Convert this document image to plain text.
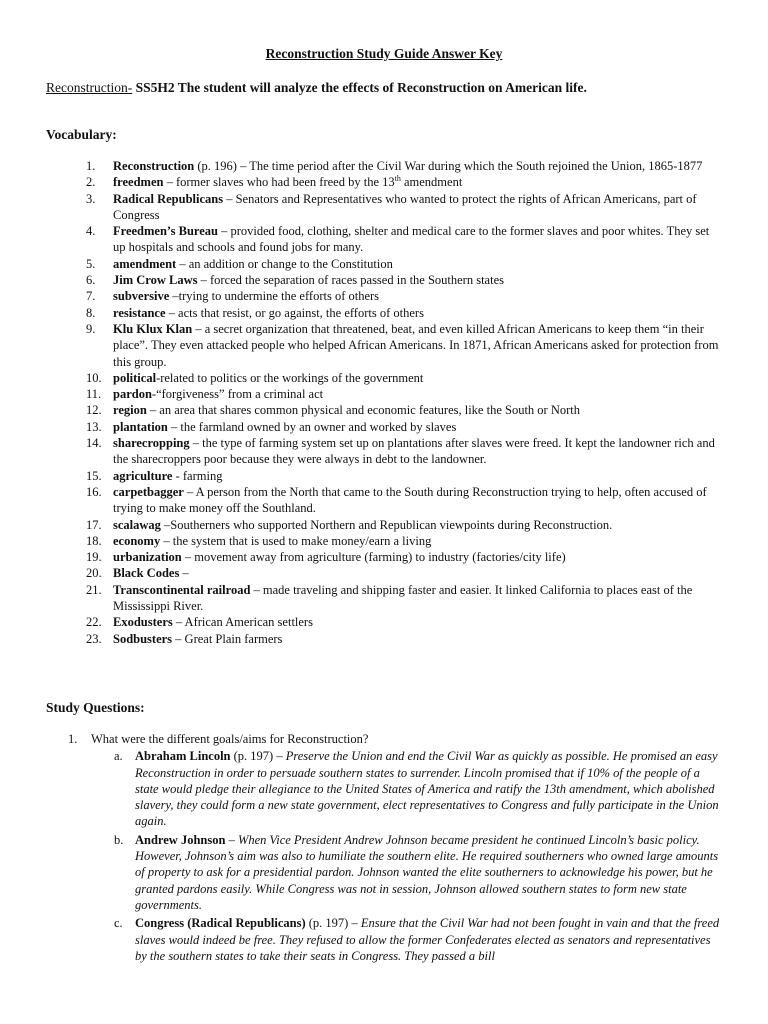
Reconstruction Study Guide Answer Key
Reconstruction- SS5H2 The student will analyze the effects of Reconstruction on American life.
Vocabulary:
1.	Reconstruction (p. 196) – The time period after the Civil War during which the South rejoined the Union, 1865-1877
2.	freedmen – former slaves who had been freed by the 13th amendment
3.	Radical Republicans – Senators and Representatives who wanted to protect the rights of African Americans, part of Congress
4.	Freedmen’s Bureau – provided food, clothing, shelter and medical care to the former slaves and poor whites. They set up hospitals and schools and found jobs for many.
5.	amendment – an addition or change to the Constitution
6.	Jim Crow Laws – forced the separation of races passed in the Southern states
7.	subversive –trying to undermine the efforts of others
8.	resistance – acts that resist, or go against, the efforts of others
9.	Klu Klux Klan – a secret organization that threatened, beat, and even killed African Americans to keep them “in their place”. They even attacked people who helped African Americans. In 1871, African Americans asked for protection from this group.
10. political-related to politics or the workings of the government
11. pardon-“forgiveness” from a criminal act
12. region – an area that shares common physical and economic features, like the South or North
13. plantation – the farmland owned by an owner and worked by slaves
14. sharecropping – the type of farming system set up on plantations after slaves were freed. It kept the landowner rich and the sharecroppers poor because they were always in debt to the landowner.
15. agriculture - farming
16. carpetbagger – A person from the North that came to the South during Reconstruction trying to help, often accused of trying to make money off the Southland.
17. scalawag –Southerners who supported Northern and Republican viewpoints during Reconstruction.
18. economy – the system that is used to make money/earn a living
19. urbanization – movement away from agriculture (farming) to industry (factories/city life)
20. Black Codes –
21. Transcontinental railroad – made traveling and shipping faster and easier. It linked California to places east of the Mississippi River.
22. Exodusters – African American settlers
23. Sodbusters – Great Plain farmers
Study Questions:
1. What were the different goals/aims for Reconstruction?
a. Abraham Lincoln (p. 197) – Preserve the Union and end the Civil War as quickly as possible. He promised an easy Reconstruction in order to persuade southern states to surrender. Lincoln promised that if 10% of the people of a state would pledge their allegiance to the United States of America and ratify the 13th amendment, which abolished slavery, they could form a new state government, elect representatives to Congress and fully participate in the Union again.
b. Andrew Johnson – When Vice President Andrew Johnson became president he continued Lincoln’s basic policy. However, Johnson’s aim was also to humiliate the southern elite. He required southerners who owned large amounts of property to ask for a presidential pardon. Johnson wanted the elite southerners to acknowledge his power, but he granted pardons easily. While Congress was not in session, Johnson allowed southern states to form new state governments.
c. Congress (Radical Republicans) (p. 197) – Ensure that the Civil War had not been fought in vain and that the freed slaves would indeed be free. They refused to allow the former Confederates elected as senators and representatives by the southern states to take their seats in Congress. They passed a bill
